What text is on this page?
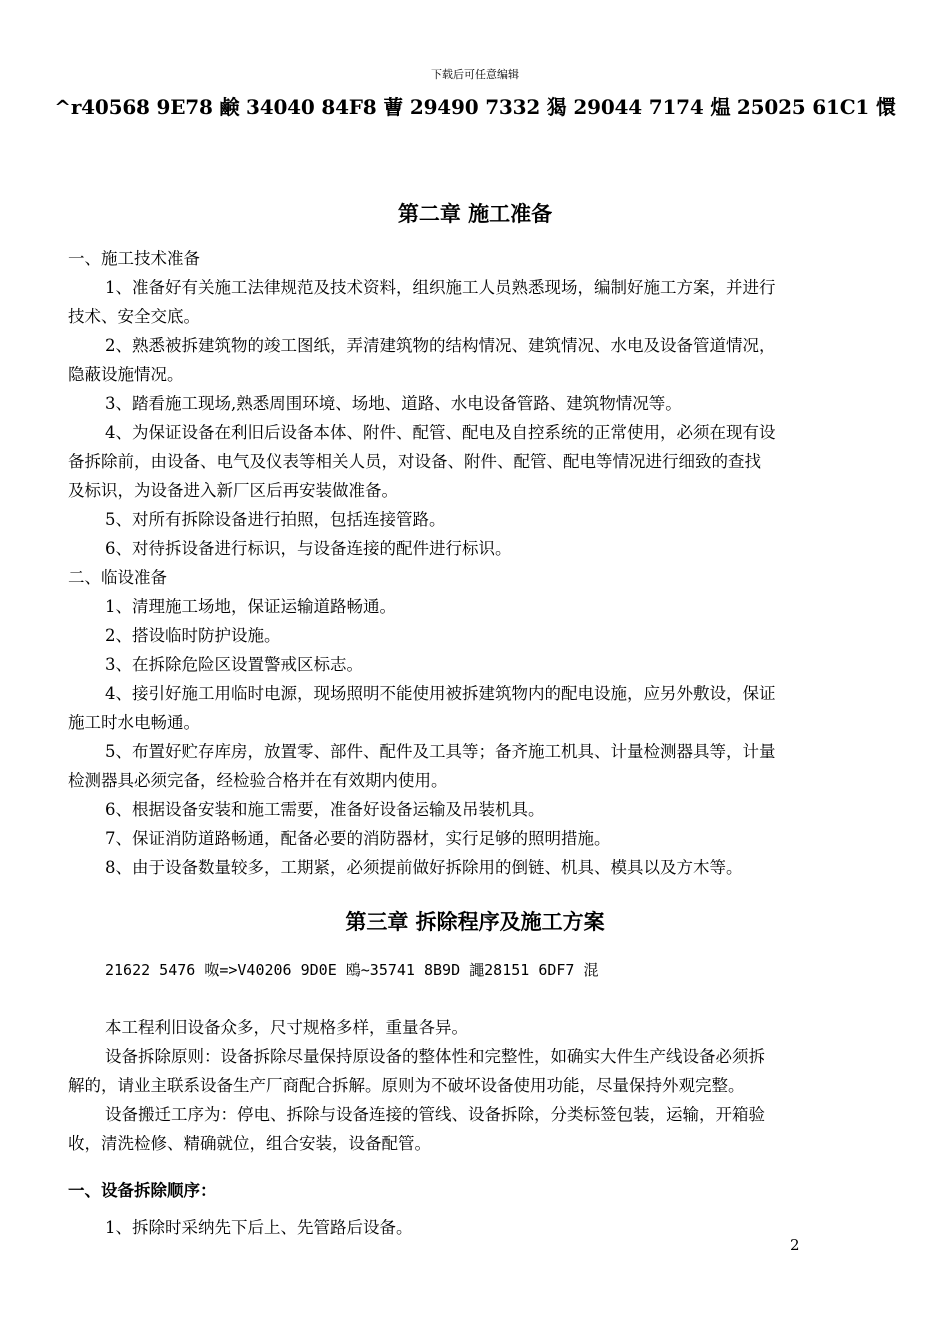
下载后可任意编辑
^r40568 9E78 鹸 34040 84F8 蓸 29490 7332 猲 29044 7174 煴 25025 61C1 懁
第二章 施工准备
一、施工技术准备
1、准备好有关施工法律规范及技术资料，组织施工人员熟悉现场，编制好施工方案，并进行
技术、安全交底。
2、熟悉被拆建筑物的竣工图纸，弄清建筑物的结构情况、建筑情况、水电及设备管道情况，
隐蔽设施情况。
3、踏看施工现场,熟悉周围环境、场地、道路、水电设备管路、建筑物情况等。
4、为保证设备在利旧后设备本体、附件、配管、配电及自控系统的正常使用，必须在现有设
备拆除前，由设备、电气及仪表等相关人员，对设备、附件、配管、配电等情况进行细致的查找
及标识，为设备进入新厂区后再安装做准备。
5、对所有拆除设备进行拍照，包括连接管路。
6、对待拆设备进行标识，与设备连接的配件进行标识。
二、临设准备
1、清理施工场地，保证运输道路畅通。
2、搭设临时防护设施。
3、在拆除危险区设置警戒区标志。
4、接引好施工用临时电源，现场照明不能使用被拆建筑物内的配电设施，应另外敷设，保证
施工时水电畅通。
5、布置好贮存库房，放置零、部件、配件及工具等；备齐施工机具、计量检测器具等，计量
检测器具必须完备，经检验合格并在有效期内使用。
6、根据设备安装和施工需要，准备好设备运输及吊装机具。
7、保证消防道路畅通，配备必要的消防器材，实行足够的照明措施。
8、由于设备数量较多，工期紧，必须提前做好拆除用的倒链、机具、模具以及方木等。
第三章 拆除程序及施工方案
21622 5476 呶=>V40206 9D0E 鴎~35741 8B9D 譝28151 6DF7 混
本工程利旧设备众多，尺寸规格多样，重量各异。
设备拆除原则：设备拆除尽量保持原设备的整体性和完整性，如确实大件生产线设备必须拆
解的，请业主联系设备生产厂商配合拆解。原则为不破坏设备使用功能，尽量保持外观完整。
设备搬迁工序为：停电、拆除与设备连接的管线、设备拆除，分类标签包装，运输，开箱验
收，清洗检修、精确就位，组合安装，设备配管。
一、设备拆除顺序：
1、拆除时采纳先下后上、先管路后设备。
2
